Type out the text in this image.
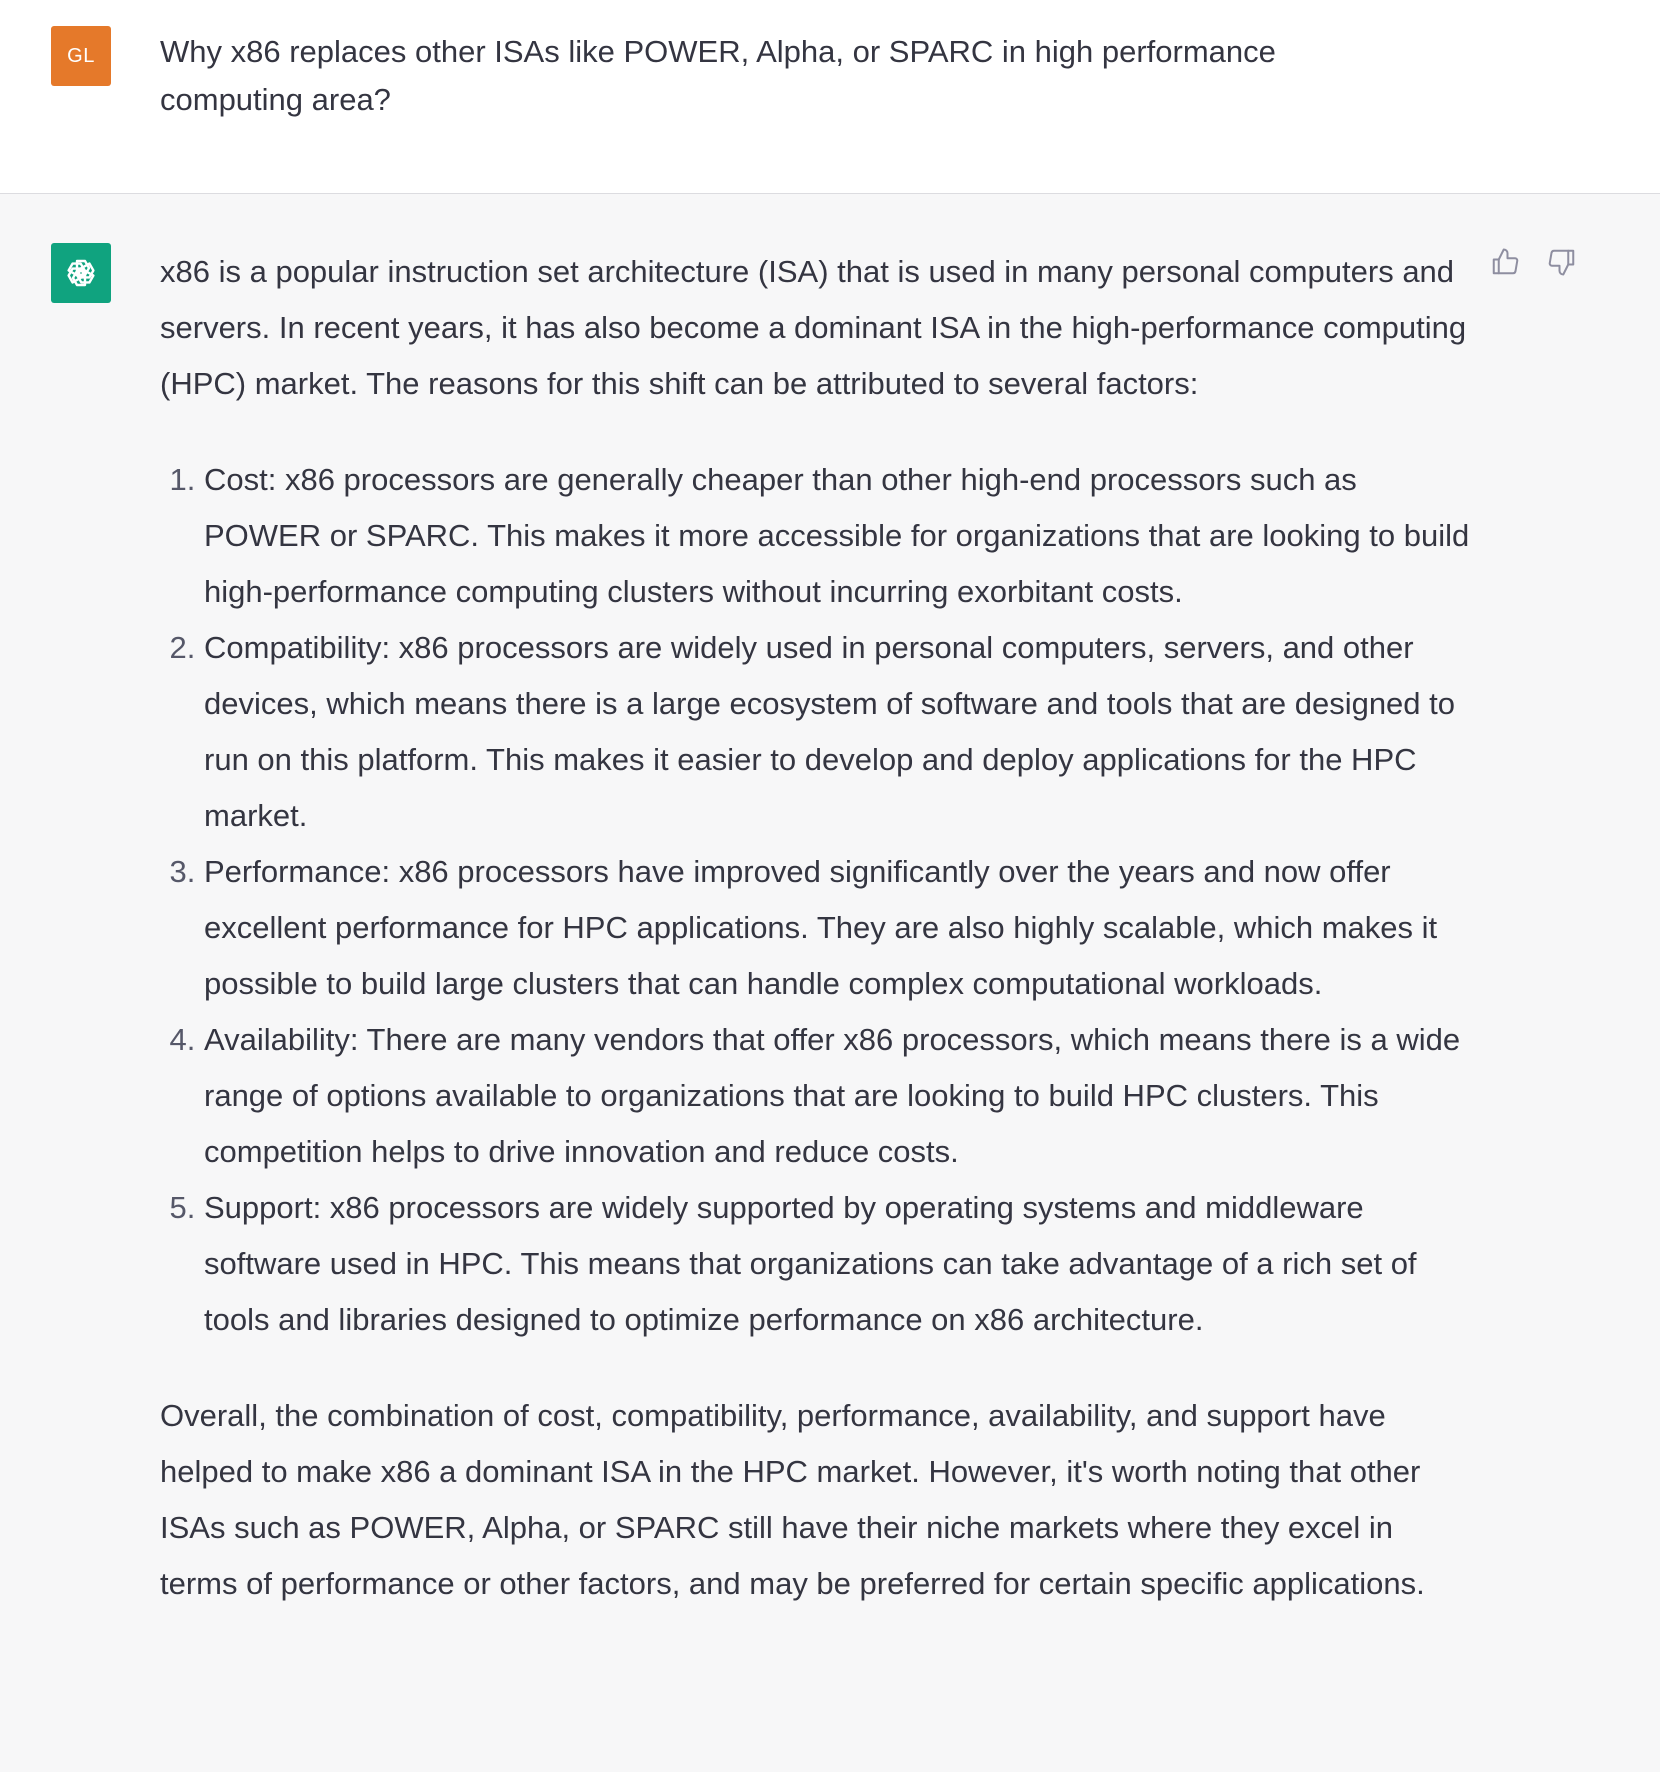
GL Why x86 replaces other ISAs like POWER, Alpha, or SPARC in high performance computing area?

x86 is a popular instruction set architecture (ISA) that is used in many personal computers and servers. In recent years, it has also become a dominant ISA in the high-performance computing (HPC) market. The reasons for this shift can be attributed to several factors:

1. Cost: x86 processors are generally cheaper than other high-end processors such as POWER or SPARC. This makes it more accessible for organizations that are looking to build high-performance computing clusters without incurring exorbitant costs.
2. Compatibility: x86 processors are widely used in personal computers, servers, and other devices, which means there is a large ecosystem of software and tools that are designed to run on this platform. This makes it easier to develop and deploy applications for the HPC market.
3. Performance: x86 processors have improved significantly over the years and now offer excellent performance for HPC applications. They are also highly scalable, which makes it possible to build large clusters that can handle complex computational workloads.
4. Availability: There are many vendors that offer x86 processors, which means there is a wide range of options available to organizations that are looking to build HPC clusters. This competition helps to drive innovation and reduce costs.
5. Support: x86 processors are widely supported by operating systems and middleware software used in HPC. This means that organizations can take advantage of a rich set of tools and libraries designed to optimize performance on x86 architecture.

Overall, the combination of cost, compatibility, performance, availability, and support have helped to make x86 a dominant ISA in the HPC market. However, it's worth noting that other ISAs such as POWER, Alpha, or SPARC still have their niche markets where they excel in terms of performance or other factors, and may be preferred for certain specific applications.
